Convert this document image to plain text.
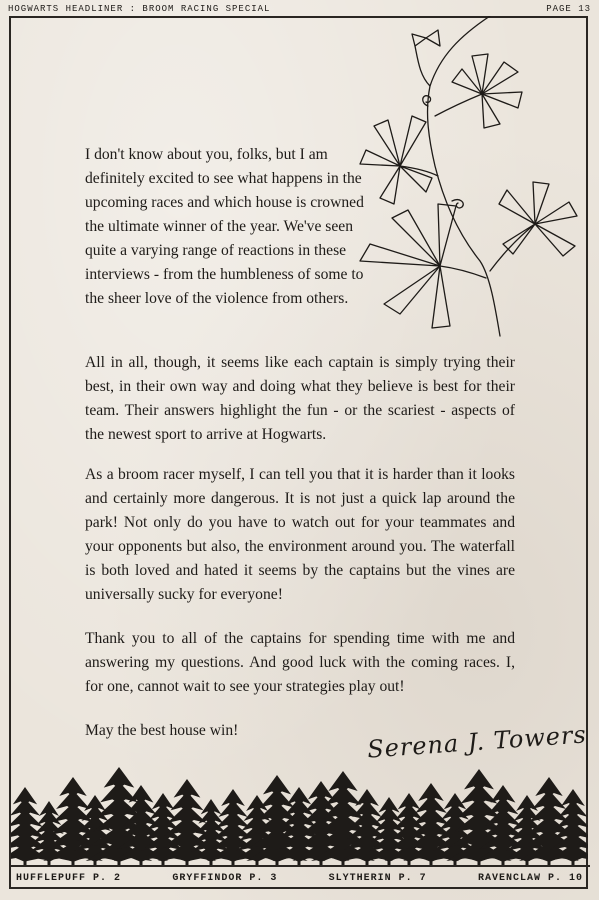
HOGWARTS HEADLINER : BROOM RACING SPECIAL	PAGE 13

I don't know about you, folks, but I am definitely excited to see what happens in the upcoming races and which house is crowned the ultimate winner of the year. We've seen quite a varying range of reactions in these interviews - from the humbleness of some to the sheer love of the violence from others.

All in all, though, it seems like each captain is simply trying their best, in their own way and doing what they believe is best for their team. Their answers highlight the fun - or the scariest - aspects of the newest sport to arrive at Hogwarts.

As a broom racer myself, I can tell you that it is harder than it looks and certainly more dangerous. It is not just a quick lap around the park! Not only do you have to watch out for your teammates and your opponents but also, the environment around you. The waterfall is both loved and hated it seems by the captains but the vines are universally sucky for everyone!

Thank you to all of the captains for spending time with me and answering my questions. And good luck with the coming races. I, for one, cannot wait to see your strategies play out!

May the best house win!	Serena J. Towers
HUFFLEPUFF P. 2	GRYFFINDOR P. 3	SLYTHERIN P. 7	RAVENCLAW P. 10
